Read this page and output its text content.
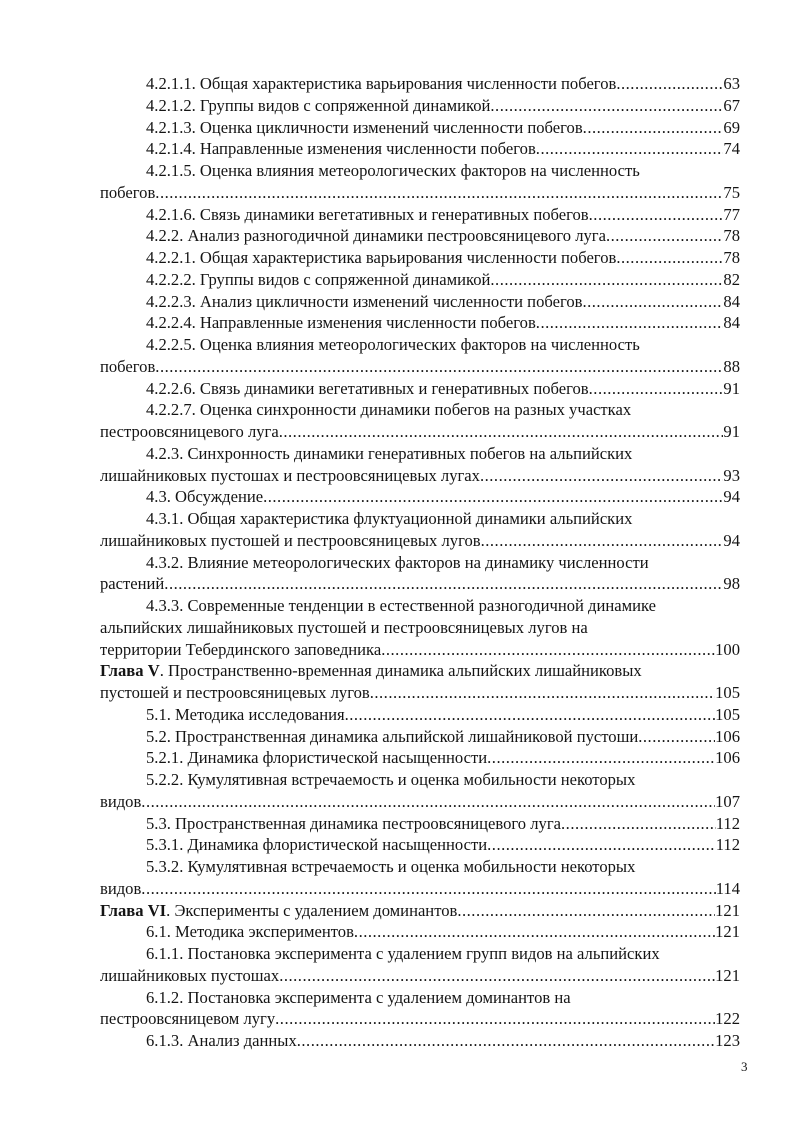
4.2.1.1. Общая характеристика варьирования численности побегов .....	63
4.2.1.2. Группы видов с сопряженной динамикой .....	67
4.2.1.3. Оценка цикличности изменений численности побегов .....	69
4.2.1.4. Направленные изменения численности побегов .....	74
4.2.1.5. Оценка влияния метеорологических факторов на численность
побегов .....	75
4.2.1.6. Связь динамики вегетативных и генеративных побегов .....	77
4.2.2. Анализ разногодичной динамики пестроовсяницевого луга .....	78
4.2.2.1. Общая характеристика варьирования численности побегов .....	78
4.2.2.2. Группы видов с сопряженной динамикой .....	82
4.2.2.3. Анализ цикличности изменений численности побегов .....	84
4.2.2.4. Направленные изменения численности побегов .....	84
4.2.2.5. Оценка влияния метеорологических факторов на численность
побегов .....	88
4.2.2.6. Связь динамики вегетативных и генеративных побегов .....	91
4.2.2.7. Оценка синхронности динамики побегов на разных участках
пестроовсяницевого луга .....	91
4.2.3. Синхронность динамики генеративных побегов на альпийских
лишайниковых пустошах и пестроовсяницевых лугах .....	93
4.3. Обсуждение .....	94
4.3.1. Общая характеристика флуктуационной динамики альпийских
лишайниковых пустошей и пестроовсяницевых лугов .....	94
4.3.2. Влияние метеорологических факторов на динамику численности
растений .....	98
4.3.3. Современные тенденции в естественной разногодичной динамике
альпийских лишайниковых пустошей и пестроовсяницевых лугов на
территории Тебердинского заповедника .....	100
Глава V. Пространственно-временная динамика альпийских лишайниковых
пустошей и пестроовсяницевых лугов .....	105
5.1. Методика исследования .....	105
5.2. Пространственная динамика альпийской лишайниковой пустоши .....	106
5.2.1. Динамика флористической насыщенности .....	106
5.2.2. Кумулятивная встречаемость и оценка мобильности некоторых
видов .....	107
5.3. Пространственная динамика пестроовсяницевого луга .....	112
5.3.1. Динамика флористической насыщенности .....	112
5.3.2. Кумулятивная встречаемость и оценка мобильности некоторых
видов .....	114
Глава VI. Эксперименты с удалением доминантов .....	121
6.1. Методика экспериментов .....	121
6.1.1. Постановка эксперимента с удалением групп видов на альпийских
лишайниковых пустошах .....	121
6.1.2. Постановка эксперимента с удалением доминантов на
пестроовсяницевом лугу .....	122
6.1.3. Анализ данных .....	123
3
